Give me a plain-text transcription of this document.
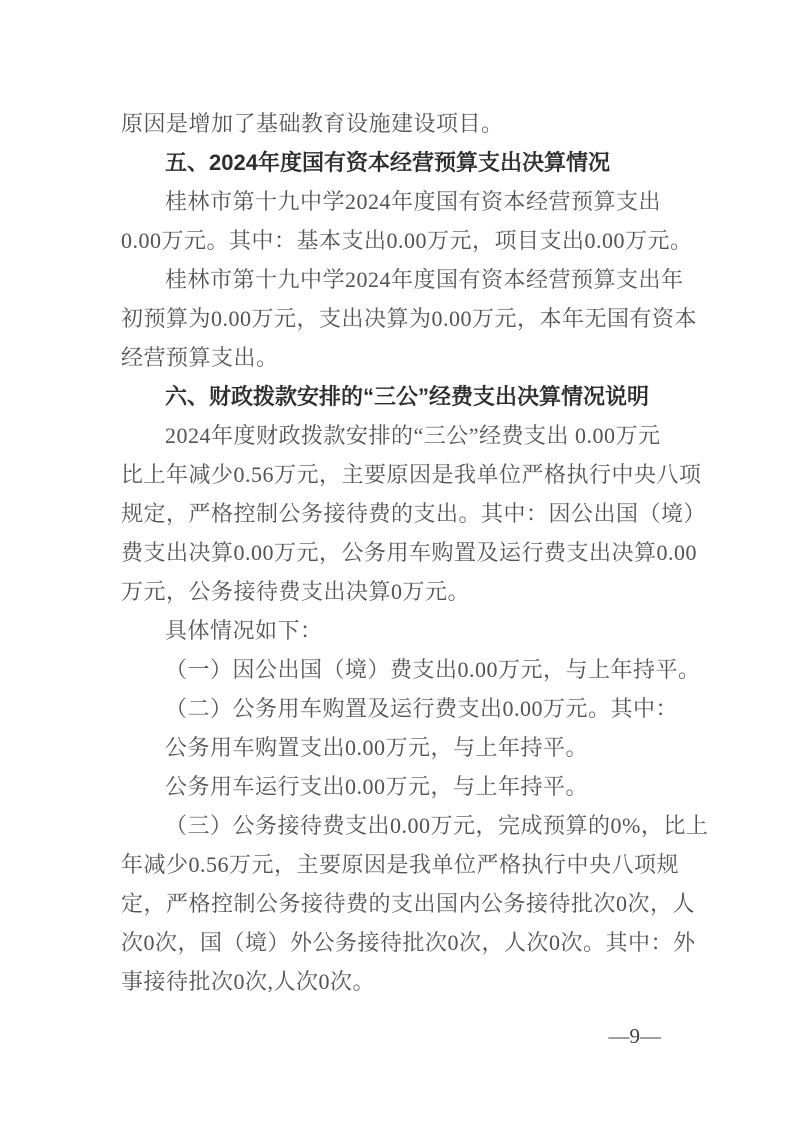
原因是增加了基础教育设施建设项目。
五、2024年度国有资本经营预算支出决算情况
桂林市第十九中学2024年度国有资本经营预算支出
0.00万元。其中：基本支出0.00万元，项目支出0.00万元。
桂林市第十九中学2024年度国有资本经营预算支出年
初预算为0.00万元，支出决算为0.00万元，本年无国有资本
经营预算支出。
六、财政拨款安排的“三公”经费支出决算情况说明
2024年度财政拨款安排的“三公”经费支出 0.00万元
比上年减少0.56万元，主要原因是我单位严格执行中央八项
规定，严格控制公务接待费的支出。其中：因公出国（境）
费支出决算0.00万元，公务用车购置及运行费支出决算0.00
万元，公务接待费支出决算0万元。
具体情况如下：
（一）因公出国（境）费支出0.00万元，与上年持平。
（二）公务用车购置及运行费支出0.00万元。其中：
公务用车购置支出0.00万元，与上年持平。
公务用车运行支出0.00万元，与上年持平。
（三）公务接待费支出0.00万元，完成预算的0%，比上
年减少0.56万元，主要原因是我单位严格执行中央八项规
定，严格控制公务接待费的支出国内公务接待批次0次，人
次0次，国（境）外公务接待批次0次，人次0次。其中：外
事接待批次0次,人次0次。
—9—
